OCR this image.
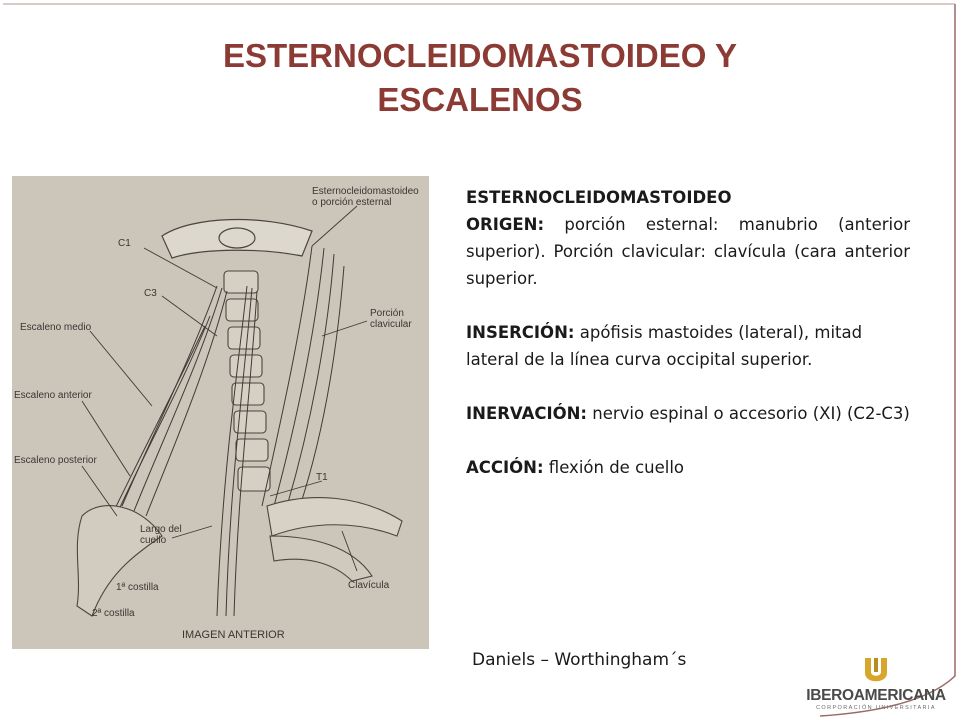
ESTERNOCLEIDOMASTOIDEO Y
ESCALENOS
Esternocleidomastoideo o porción esternal
C1
C3
Escaleno medio
Porción clavicular
Escaleno anterior
Escaleno posterior
T1
Largo del cuello
1ª costilla
2ª costilla
Clavícula
IMAGEN ANTERIOR

ESTERNOCLEIDOMASTOIDEO

ORIGEN: porción esternal: manubrio (anterior superior). Porción clavicular: clavícula (cara anterior superior.

INSERCIÓN: apófisis mastoides (lateral), mitad lateral de la línea curva occipital superior.

INERVACIÓN: nervio espinal o accesorio (XI) (C2-C3)

ACCIÓN: flexión de cuello

Daniels – Worthingham´s
IBEROAMERICANA
CORPORACIÓN UNIVERSITARIA
